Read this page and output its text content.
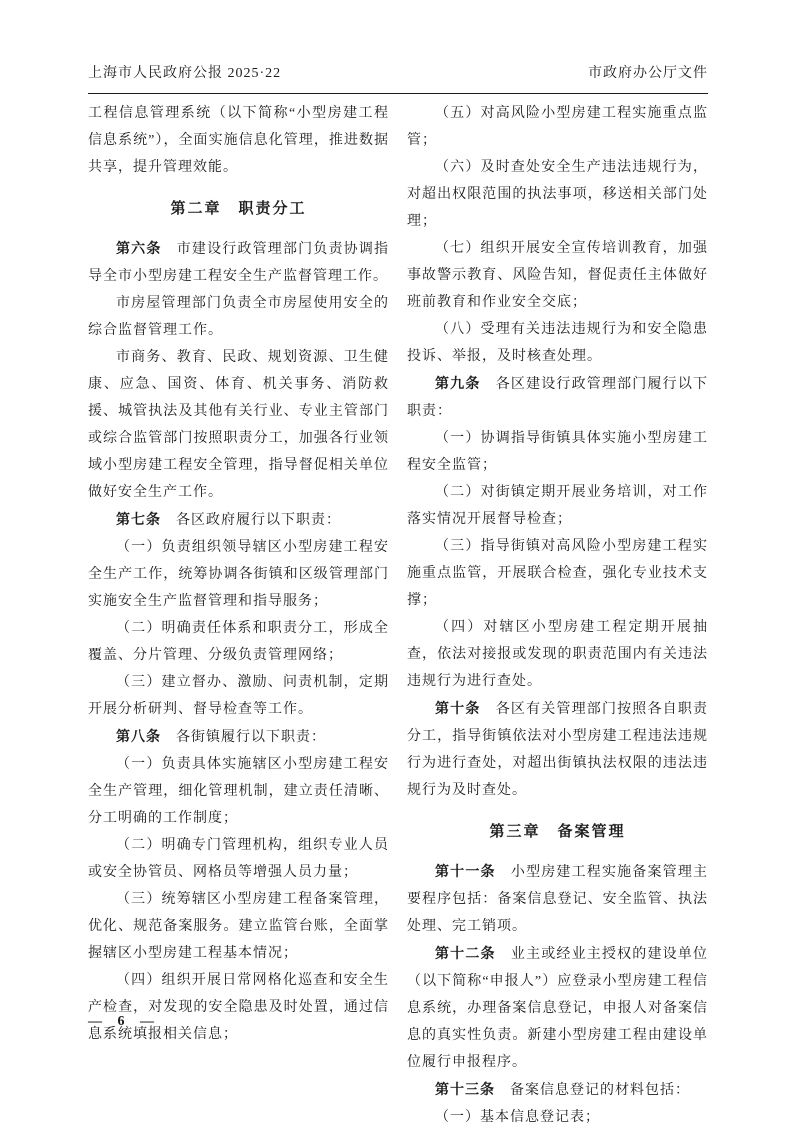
上海市人民政府公报 2025·22	市政府办公厅文件

工程信息管理系统（以下简称“小型房建工程信息系统”），全面实施信息化管理，推进数据共享，提升管理效能。

第二章　职责分工

第六条　市建设行政管理部门负责协调指导全市小型房建工程安全生产监督管理工作。

市房屋管理部门负责全市房屋使用安全的综合监督管理工作。

市商务、教育、民政、规划资源、卫生健康、应急、国资、体育、机关事务、消防救援、城管执法及其他有关行业、专业主管部门或综合监管部门按照职责分工，加强各行业领域小型房建工程安全管理，指导督促相关单位做好安全生产工作。

第七条　各区政府履行以下职责：

（一）负责组织领导辖区小型房建工程安全生产工作，统筹协调各街镇和区级管理部门实施安全生产监督管理和指导服务；

（二）明确责任体系和职责分工，形成全覆盖、分片管理、分级负责管理网络；

（三）建立督办、激励、问责机制，定期开展分析研判、督导检查等工作。

第八条　各街镇履行以下职责：

（一）负责具体实施辖区小型房建工程安全生产管理，细化管理机制，建立责任清晰、分工明确的工作制度；

（二）明确专门管理机构，组织专业人员或安全协管员、网格员等增强人员力量；

（三）统筹辖区小型房建工程备案管理，优化、规范备案服务。建立监管台账，全面掌握辖区小型房建工程基本情况；

（四）组织开展日常网格化巡查和安全生产检查，对发现的安全隐患及时处置，通过信息系统填报相关信息；

（五）对高风险小型房建工程实施重点监管；

（六）及时查处安全生产违法违规行为，对超出权限范围的执法事项，移送相关部门处理；

（七）组织开展安全宣传培训教育，加强事故警示教育、风险告知，督促责任主体做好班前教育和作业安全交底；

（八）受理有关违法违规行为和安全隐患投诉、举报，及时核查处理。

第九条　各区建设行政管理部门履行以下职责：

（一）协调指导街镇具体实施小型房建工程安全监管；

（二）对街镇定期开展业务培训，对工作落实情况开展督导检查；

（三）指导街镇对高风险小型房建工程实施重点监管，开展联合检查，强化专业技术支撑；

（四）对辖区小型房建工程定期开展抽查，依法对接报或发现的职责范围内有关违法违规行为进行查处。

第十条　各区有关管理部门按照各自职责分工，指导街镇依法对小型房建工程违法违规行为进行查处，对超出街镇执法权限的违法违规行为及时查处。

第三章　备案管理

第十一条　小型房建工程实施备案管理主要程序包括：备案信息登记、安全监管、执法处理、完工销项。

第十二条　业主或经业主授权的建设单位（以下简称“申报人”）应登录小型房建工程信息系统，办理备案信息登记，申报人对备案信息的真实性负责。新建小型房建工程由建设单位履行申报程序。

第十三条　备案信息登记的材料包括：

（一）基本信息登记表；

— 6 —
